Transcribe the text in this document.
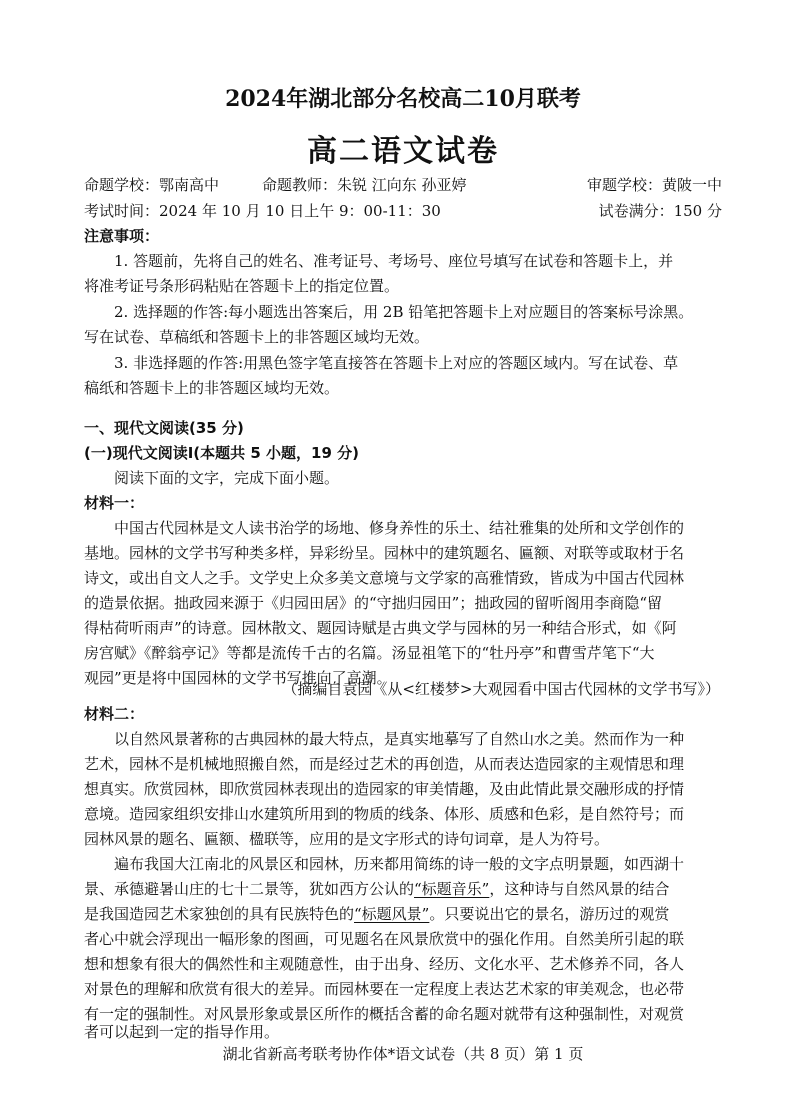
2024年湖北部分名校高二10月联考
高二语文试卷
命题学校：鄂南高中	命题教师：朱锐 江向东 孙亚婷	审题学校：黄陂一中
考试时间：2024 年 10 月 10 日上午 9：00-11：30	试卷满分：150 分
注意事项：
1. 答题前，先将自己的姓名、准考证号、考场号、座位号填写在试卷和答题卡上，并
将准考证号条形码粘贴在答题卡上的指定位置。
2. 选择题的作答:每小题选出答案后，用 2B 铅笔把答题卡上对应题目的答案标号涂黑。
写在试卷、草稿纸和答题卡上的非答题区域均无效。
3. 非选择题的作答:用黑色签字笔直接答在答题卡上对应的答题区域内。写在试卷、草
稿纸和答题卡上的非答题区域均无效。
一、现代文阅读(35 分)
(一)现代文阅读Ⅰ(本题共 5 小题，19 分)
阅读下面的文字，完成下面小题。
材料一：
中国古代园林是文人读书治学的场地、修身养性的乐土、结社雅集的处所和文学创作的
基地。园林的文学书写种类多样，异彩纷呈。园林中的建筑题名、匾额、对联等或取材于名
诗文，或出自文人之手。文学史上众多美文意境与文学家的高雅情致，皆成为中国古代园林
的造景依据。拙政园来源于《归园田居》的“守拙归园田”；拙政园的留听阁用李商隐“留
得枯荷听雨声”的诗意。园林散文、题园诗赋是古典文学与园林的另一种结合形式，如《阿
房宫赋》《醉翁亭记》等都是流传千古的名篇。汤显祖笔下的“牡丹亭”和曹雪芹笔下“大
观园”更是将中国园林的文学书写推向了高潮。
（摘编自袁园《从<红楼梦>大观园看中国古代园林的文学书写》）
材料二：
以自然风景著称的古典园林的最大特点，是真实地摹写了自然山水之美。然而作为一种
艺术，园林不是机械地照搬自然，而是经过艺术的再创造，从而表达造园家的主观情思和理
想真实。欣赏园林，即欣赏园林表现出的造园家的审美情趣，及由此情此景交融形成的抒情
意境。造园家组织安排山水建筑所用到的物质的线条、体形、质感和色彩，是自然符号；而
园林风景的题名、匾额、楹联等，应用的是文字形式的诗句词章，是人为符号。
遍布我国大江南北的风景区和园林，历来都用简练的诗一般的文字点明景题，如西湖十
景、承德避暑山庄的七十二景等，犹如西方公认的“标题音乐”，这种诗与自然风景的结合
是我国造园艺术家独创的具有民族特色的“标题风景”。只要说出它的景名，游历过的观赏
者心中就会浮现出一幅形象的图画，可见题名在风景欣赏中的强化作用。自然美所引起的联
想和想象有很大的偶然性和主观随意性，由于出身、经历、文化水平、艺术修养不同，各人
对景色的理解和欣赏有很大的差异。而园林要在一定程度上表达艺术家的审美观念，也必带
有一定的强制性。对风景形象或景区所作的概括含蓄的命名题对就带有这种强制性，对观赏
者可以起到一定的指导作用。
湖北省新高考联考协作体*语文试卷（共 8 页）第 1 页
